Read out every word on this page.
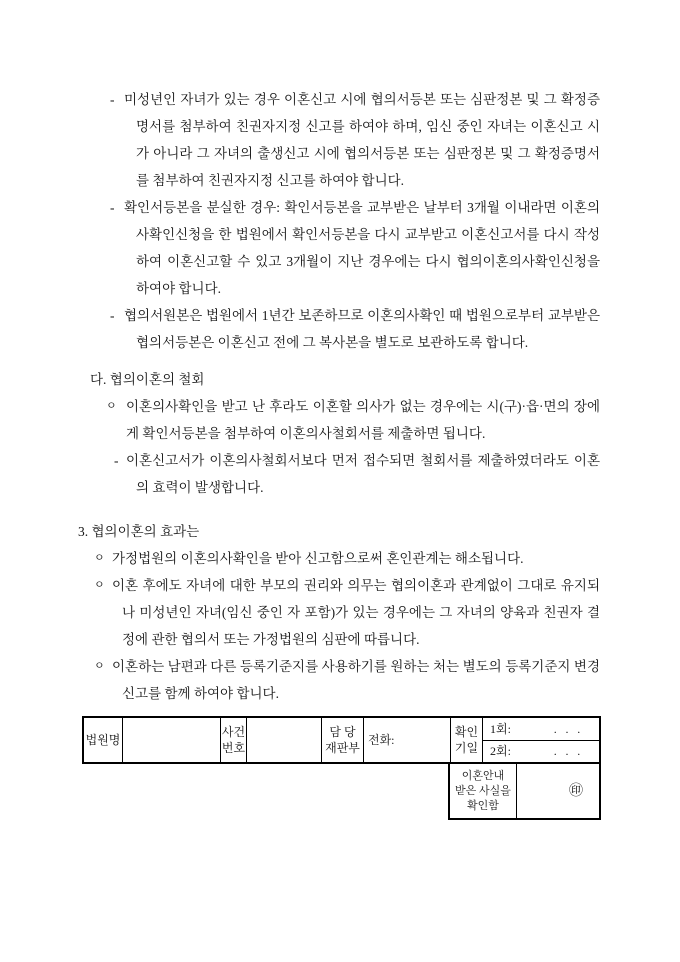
- 미성년인 자녀가 있는 경우 이혼신고 시에 협의서등본 또는 심판정본 및 그 확정증명서를 첨부하여 친권자지정 신고를 하여야 하며, 임신 중인 자녀는 이혼신고 시가 아니라 그 자녀의 출생신고 시에 협의서등본 또는 심판정본 및 그 확정증명서를 첨부하여 친권자지정 신고를 하여야 합니다.
- 확인서등본을 분실한 경우: 확인서등본을 교부받은 날부터 3개월 이내라면 이혼의사확인신청을 한 법원에서 확인서등본을 다시 교부받고 이혼신고서를 다시 작성하여 이혼신고할 수 있고 3개월이 지난 경우에는 다시 협의이혼의사확인신청을 하여야 합니다.
- 협의서원본은 법원에서 1년간 보존하므로 이혼의사확인 때 법원으로부터 교부받은 협의서등본은 이혼신고 전에 그 복사본을 별도로 보관하도록 합니다.
다. 협의이혼의 철회
ㅇ 이혼의사확인을 받고 난 후라도 이혼할 의사가 없는 경우에는 시(구)·읍·면의 장에게 확인서등본을 첨부하여 이혼의사철회서를 제출하면 됩니다.
- 이혼신고서가 이혼의사철회서보다 먼저 접수되면 철회서를 제출하였더라도 이혼의 효력이 발생합니다.
3. 협의이혼의 효과는
ㅇ 가정법원의 이혼의사확인을 받아 신고함으로써 혼인관계는 해소됩니다.
ㅇ 이혼 후에도 자녀에 대한 부모의 권리와 의무는 협의이혼과 관계없이 그대로 유지되나 미성년인 자녀(임신 중인 자 포함)가 있는 경우에는 그 자녀의 양육과 친권자 결정에 관한 협의서 또는 가정법원의 심판에 따릅니다.
ㅇ 이혼하는 남편과 다른 등록기준지를 사용하기를 원하는 처는 별도의 등록기준지 변경신고를 함께 하여야 합니다.
법원명
사건
번호
담 당
재판부
전화:
확인
기일
1회:	. . .
2회:	. . .
이혼안내
받은 사실을
확인함
㊞
